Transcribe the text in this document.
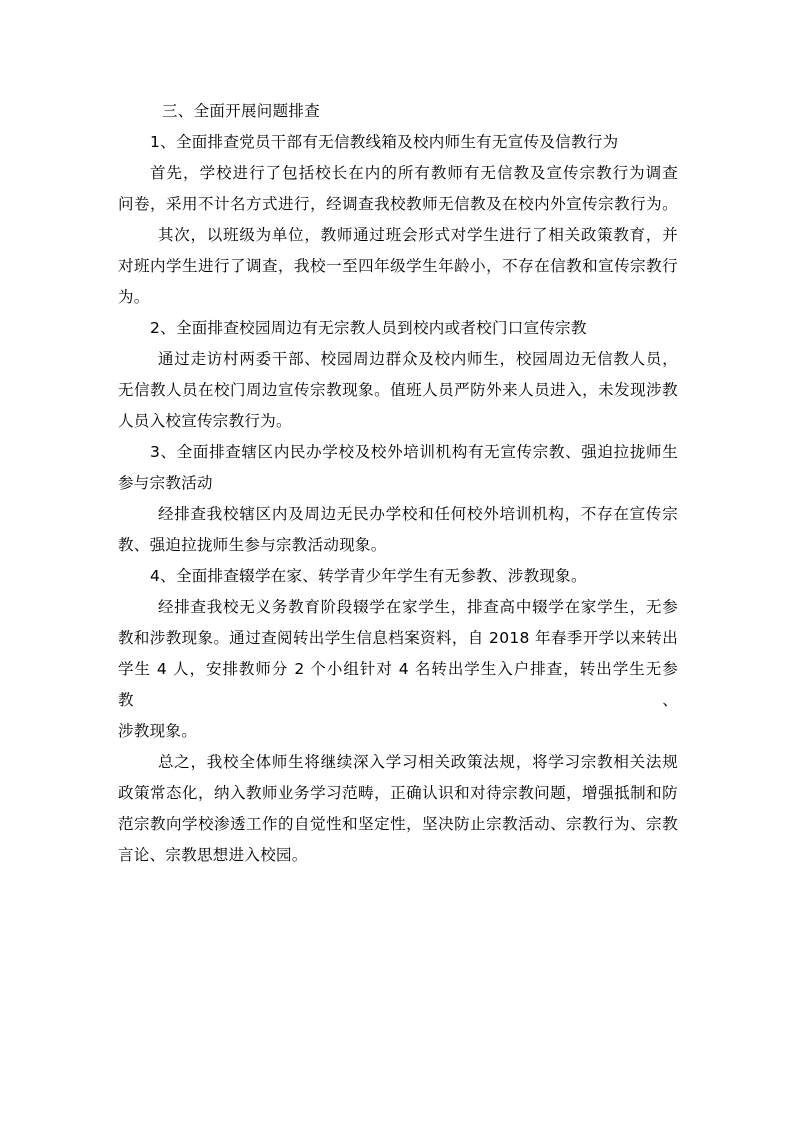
三、全面开展问题排查

1、全面排查党员干部有无信教线箱及校内师生有无宣传及信教行为

首先，学校进行了包括校长在内的所有教师有无信教及宣传宗教行为调查

问卷，采用不计名方式进行，经调查我校教师无信教及在校内外宣传宗教行为。

其次，以班级为单位，教师通过班会形式对学生进行了相关政策教育，并

对班内学生进行了调查，我校一至四年级学生年龄小，不存在信教和宣传宗教行

为。

2、全面排查校园周边有无宗教人员到校内或者校门口宣传宗教

通过走访村两委干部、校园周边群众及校内师生，校园周边无信教人员，

无信教人员在校门周边宣传宗教现象。值班人员严防外来人员进入，未发现涉教

人员入校宣传宗教行为。

3、全面排查辖区内民办学校及校外培训机构有无宣传宗教、强迫拉拢师生

参与宗教活动

经排查我校辖区内及周边无民办学校和任何校外培训机构，不存在宣传宗

教、强迫拉拢师生参与宗教活动现象。

4、全面排查辍学在家、转学青少年学生有无参教、涉教现象。

经排查我校无义务教育阶段辍学在家学生，排查高中辍学在家学生，无参

教和涉教现象。通过查阅转出学生信息档案资料，自 2018 年春季开学以来转出

学生 4 人，安排教师分 2 个小组针对 4 名转出学生入户排查，转出学生无参教、

涉教现象。

总之，我校全体师生将继续深入学习相关政策法规，将学习宗教相关法规

政策常态化，纳入教师业务学习范畴，正确认识和对待宗教问题，增强抵制和防

范宗教向学校渗透工作的自觉性和坚定性，坚决防止宗教活动、宗教行为、宗教

言论、宗教思想进入校园。
